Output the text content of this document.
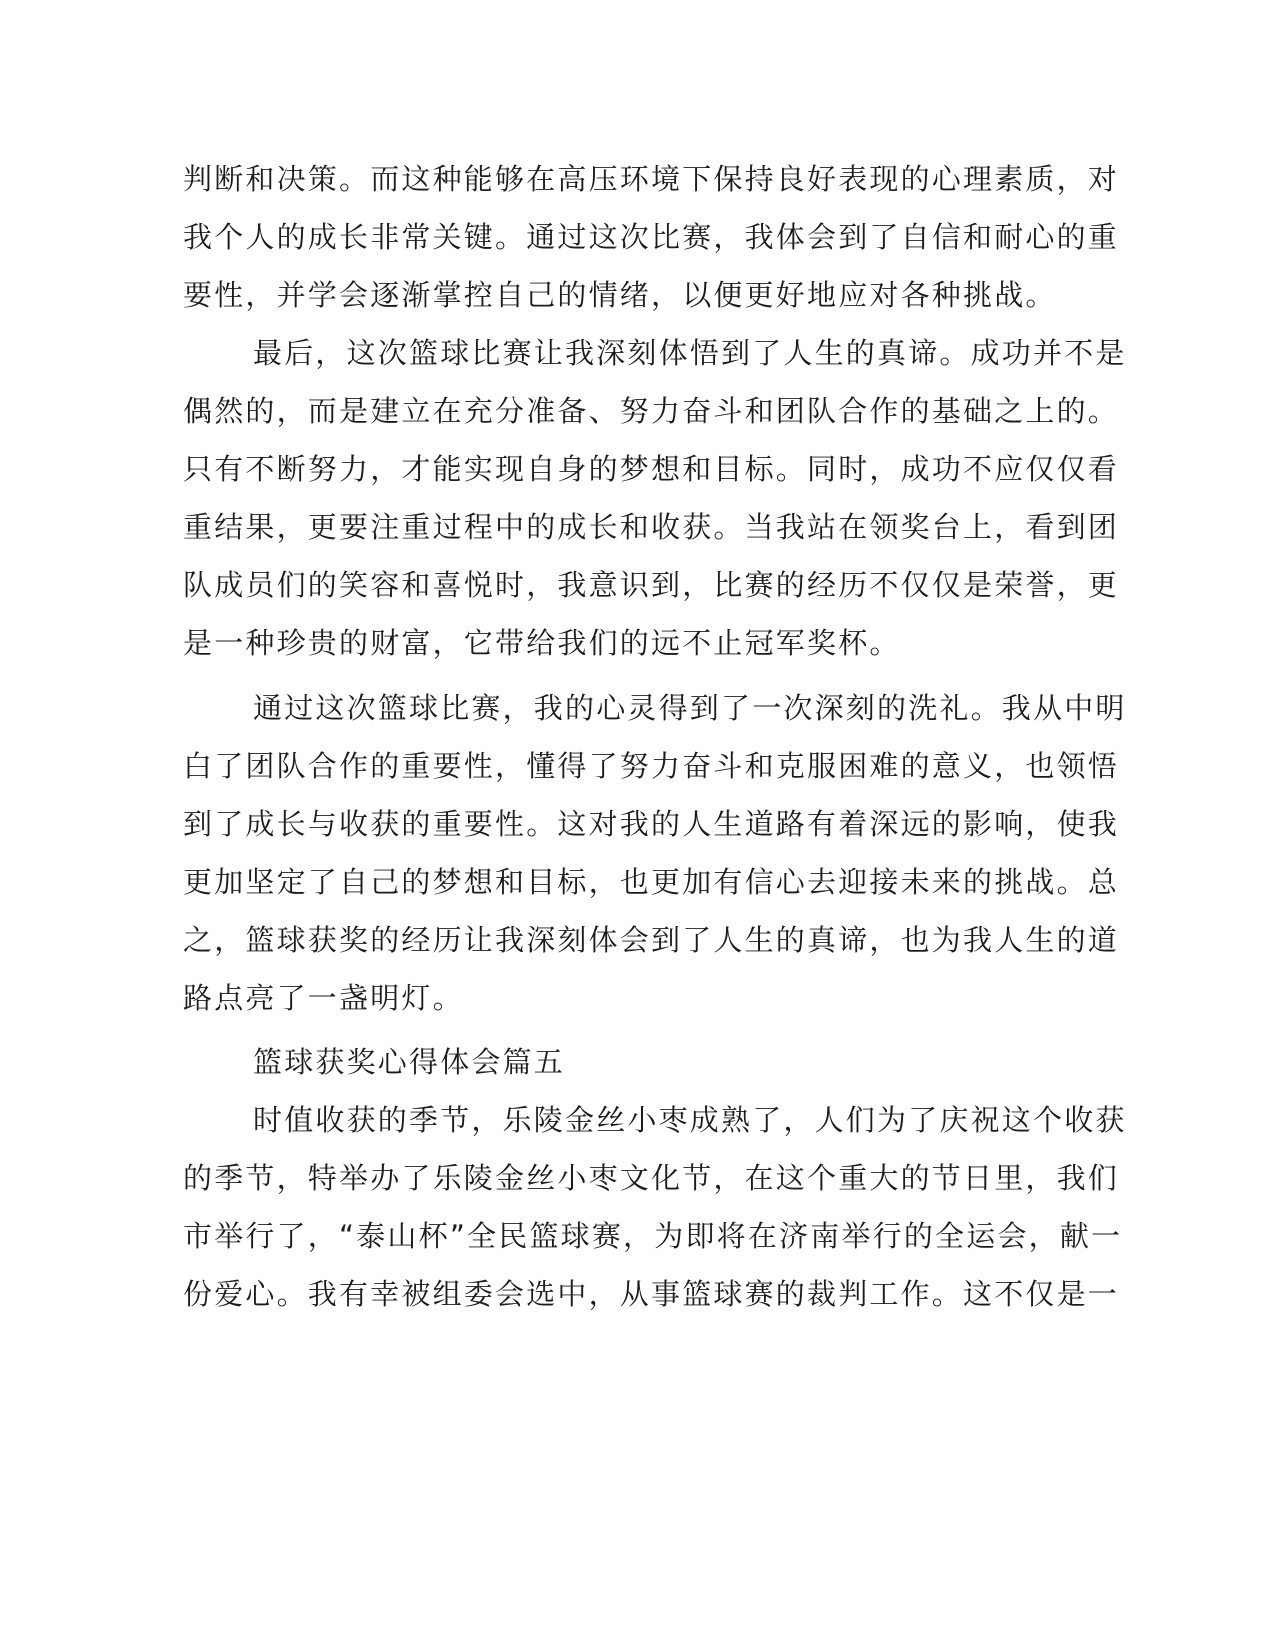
判断和决策。而这种能够在高压环境下保持良好表现的心理素质，对
我个人的成长非常关键。通过这次比赛，我体会到了自信和耐心的重
要性，并学会逐渐掌控自己的情绪，以便更好地应对各种挑战。
最后，这次篮球比赛让我深刻体悟到了人生的真谛。成功并不是
偶然的，而是建立在充分准备、努力奋斗和团队合作的基础之上的。
只有不断努力，才能实现自身的梦想和目标。同时，成功不应仅仅看
重结果，更要注重过程中的成长和收获。当我站在领奖台上，看到团
队成员们的笑容和喜悦时，我意识到，比赛的经历不仅仅是荣誉，更
是一种珍贵的财富，它带给我们的远不止冠军奖杯。
通过这次篮球比赛，我的心灵得到了一次深刻的洗礼。我从中明
白了团队合作的重要性，懂得了努力奋斗和克服困难的意义，也领悟
到了成长与收获的重要性。这对我的人生道路有着深远的影响，使我
更加坚定了自己的梦想和目标，也更加有信心去迎接未来的挑战。总
之，篮球获奖的经历让我深刻体会到了人生的真谛，也为我人生的道
路点亮了一盏明灯。
篮球获奖心得体会篇五
时值收获的季节，乐陵金丝小枣成熟了，人们为了庆祝这个收获
的季节，特举办了乐陵金丝小枣文化节，在这个重大的节日里，我们
市举行了，“泰山杯”全民篮球赛，为即将在济南举行的全运会，献一
份爱心。我有幸被组委会选中，从事篮球赛的裁判工作。这不仅是一
